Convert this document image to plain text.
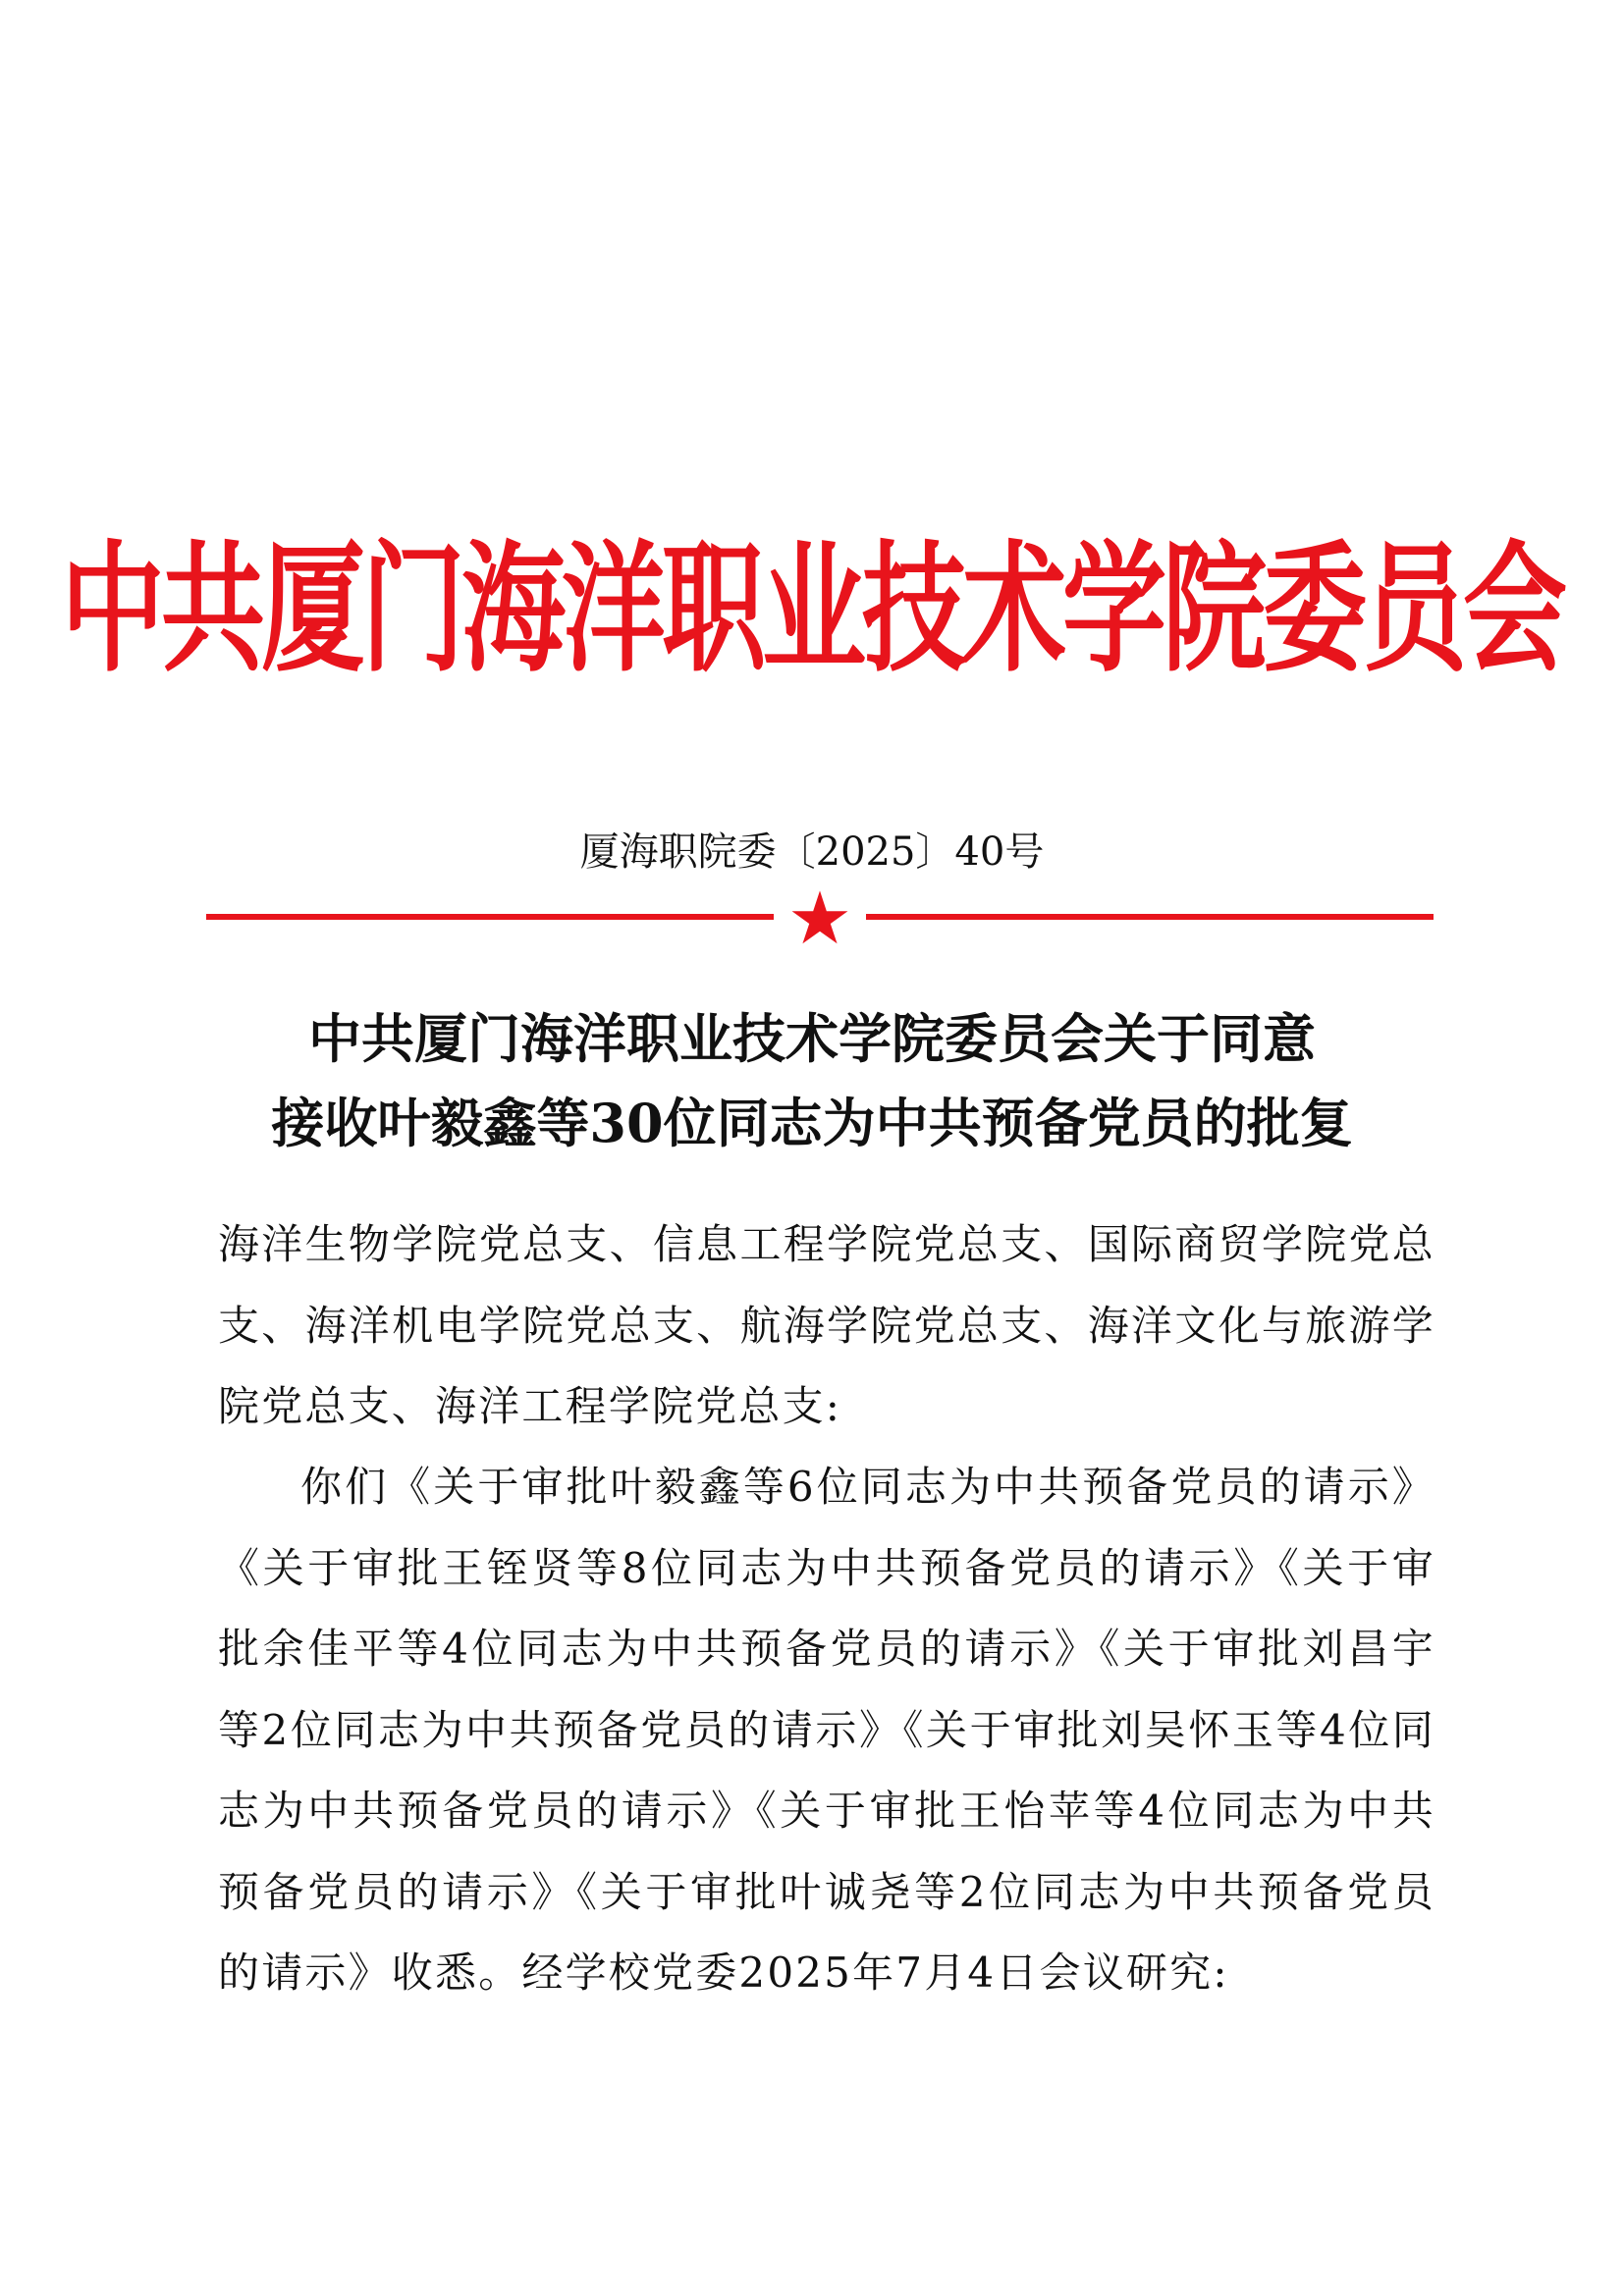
中共厦门海洋职业技术学院委员会
厦海职院委〔2025〕40号
中共厦门海洋职业技术学院委员会关于同意
接收叶毅鑫等30位同志为中共预备党员的批复
海洋生物学院党总支、信息工程学院党总支、国际商贸学院党总支、海洋机电学院党总支、航海学院党总支、海洋文化与旅游学院党总支、海洋工程学院党总支:
你们《关于审批叶毅鑫等6位同志为中共预备党员的请示》《关于审批王铚贤等8位同志为中共预备党员的请示》《关于审批余佳平等4位同志为中共预备党员的请示》《关于审批刘昌宇等2位同志为中共预备党员的请示》《关于审批刘吴怀玉等4位同志为中共预备党员的请示》《关于审批王怡苹等4位同志为中共预备党员的请示》《关于审批叶诚尧等2位同志为中共预备党员的请示》收悉。经学校党委2025年7月4日会议研究:
